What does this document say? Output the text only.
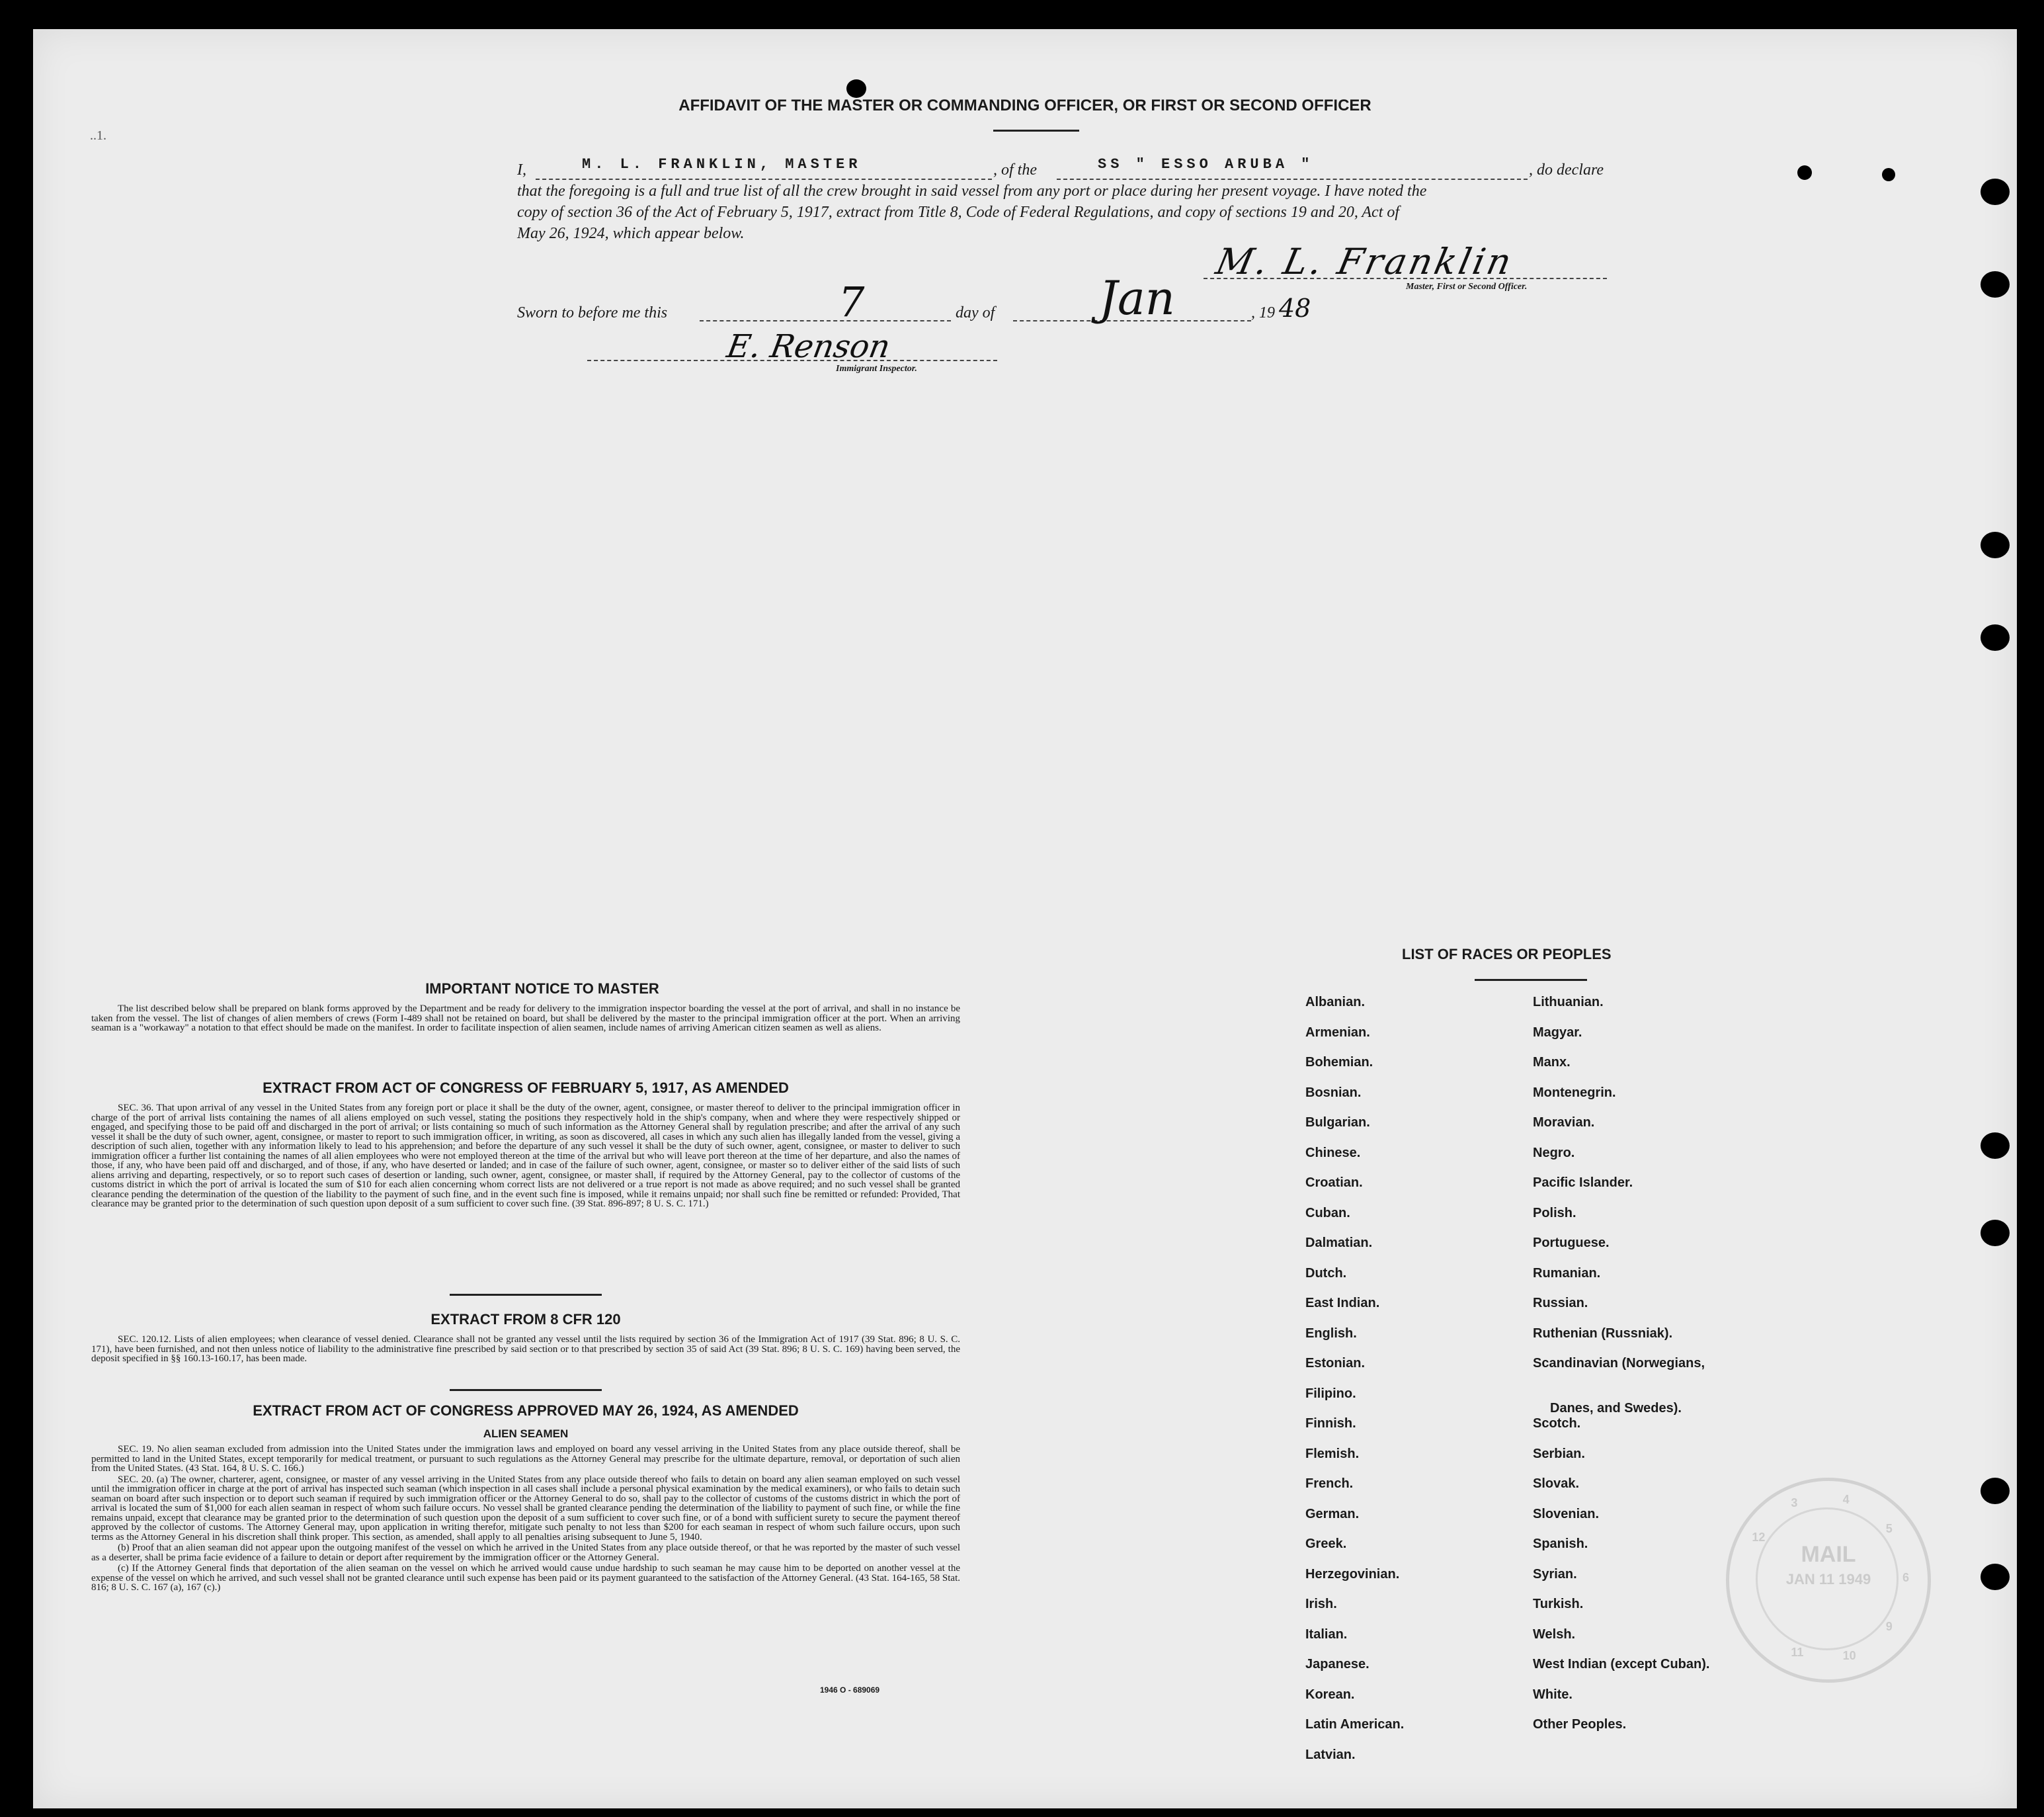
..1.
AFFIDAVIT OF THE MASTER OR COMMANDING OFFICER, OR FIRST OR SECOND OFFICER
I,	M. L. FRANKLIN, MASTER	, of the	SS " ESSO ARUBA "	, do declare
that the foregoing is a full and true list of all the crew brought in said vessel from any port or place during her present voyage. I have noted the
copy of section 36 of the Act of February 5, 1917, extract from Title 8, Code of Federal Regulations, and copy of sections 19 and 20, Act of
May 26, 1924, which appear below.
M. L. Franklin
Master, First or Second Officer.
Sworn to before me this	7	day of Jan	, 19 48
E. Renson
Immigrant Inspector.
IMPORTANT NOTICE TO MASTER

The list described below shall be prepared on blank forms approved by the Department and be ready for delivery to the immigration inspector boarding the vessel at the port of arrival, and shall in no instance be taken from the vessel. The list of changes of alien members of crews (Form I-489 shall not be retained on board, but shall be delivered by the master to the principal immigration officer at the port. When an arriving seaman is a "workaway" a notation to that effect should be made on the manifest. In order to facilitate inspection of alien seamen, include names of arriving American citizen seamen as well as aliens.

EXTRACT FROM ACT OF CONGRESS OF FEBRUARY 5, 1917, AS AMENDED

SEC. 36. That upon arrival of any vessel in the United States from any foreign port or place it shall be the duty of the owner, agent, consignee, or master thereof to deliver to the principal immigration officer in charge of the port of arrival lists containing the names of all aliens employed on such vessel, stating the positions they respectively hold in the ship's company, when and where they were respectively shipped or engaged, and specifying those to be paid off and discharged in the port of arrival; or lists containing so much of such information as the Attorney General shall by regulation prescribe; and after the arrival of any such vessel it shall be the duty of such owner, agent, consignee, or master to report to such immigration officer, in writing, as soon as discovered, all cases in which any such alien has illegally landed from the vessel, giving a description of such alien, together with any information likely to lead to his apprehension; and before the departure of any such vessel it shall be the duty of such owner, agent, consignee, or master to deliver to such immigration officer a further list containing the names of all alien employees who were not employed thereon at the time of the arrival but who will leave port thereon at the time of her departure, and also the names of those, if any, who have been paid off and discharged, and of those, if any, who have deserted or landed; and in case of the failure of such owner, agent, consignee, or master so to deliver either of the said lists of such aliens arriving and departing, respectively, or so to report such cases of desertion or landing, such owner, agent, consignee, or master shall, if required by the Attorney General, pay to the collector of customs of the customs district in which the port of arrival is located the sum of $10 for each alien concerning whom correct lists are not delivered or a true report is not made as above required; and no such vessel shall be granted clearance pending the determination of the question of the liability to the payment of such fine, and in the event such fine is imposed, while it remains unpaid; nor shall such fine be remitted or refunded: Provided, That clearance may be granted prior to the determination of such question upon deposit of a sum sufficient to cover such fine. (39 Stat. 896-897; 8 U. S. C. 171.)

EXTRACT FROM 8 CFR 120

SEC. 120.12. Lists of alien employees; when clearance of vessel denied. Clearance shall not be granted any vessel until the lists required by section 36 of the Immigration Act of 1917 (39 Stat. 896; 8 U. S. C. 171), have been furnished, and not then unless notice of liability to the administrative fine prescribed by said section or to that prescribed by section 35 of said Act (39 Stat. 896; 8 U. S. C. 169) having been served, the deposit specified in §§ 160.13-160.17, has been made.

EXTRACT FROM ACT OF CONGRESS APPROVED MAY 26, 1924, AS AMENDED
ALIEN SEAMEN

SEC. 19. No alien seaman excluded from admission into the United States under the immigration laws and employed on board any vessel arriving in the United States from any place outside thereof, shall be permitted to land in the United States, except temporarily for medical treatment, or pursuant to such regulations as the Attorney General may prescribe for the ultimate departure, removal, or deportation of such alien from the United States. (43 Stat. 164, 8 U. S. C. 166.)

SEC. 20. (a) The owner, charterer, agent, consignee, or master of any vessel arriving in the United States from any place outside thereof who fails to detain on board any alien seaman employed on such vessel until the immigration officer in charge at the port of arrival has inspected such seaman (which inspection in all cases shall include a personal physical examination by the medical examiners), or who fails to detain such seaman on board after such inspection or to deport such seaman if required by such immigration officer or the Attorney General to do so, shall pay to the collector of customs of the customs district in which the port of arrival is located the sum of $1,000 for each alien seaman in respect of whom such failure occurs. No vessel shall be granted clearance pending the determination of the liability to payment of such fine, or while the fine remains unpaid, except that clearance may be granted prior to the determination of such question upon the deposit of a sum sufficient to cover such fine, or of a bond with sufficient surety to secure the payment thereof approved by the collector of customs. The Attorney General may, upon application in writing therefor, mitigate such penalty to not less than $200 for each seaman in respect of whom such failure occurs, upon such terms as the Attorney General in his discretion shall think proper. This section, as amended, shall apply to all penalties arising subsequent to June 5, 1940.

(b) Proof that an alien seaman did not appear upon the outgoing manifest of the vessel on which he arrived in the United States from any place outside thereof, or that he was reported by the master of such vessel as a deserter, shall be prima facie evidence of a failure to detain or deport after requirement by the immigration officer or the Attorney General.

(c) If the Attorney General finds that deportation of the alien seaman on the vessel on which he arrived would cause undue hardship to such seaman he may cause him to be deported on another vessel at the expense of the vessel on which he arrived, and such vessel shall not be granted clearance until such expense has been paid or its payment guaranteed to the satisfaction of the Attorney General. (43 Stat. 164-165, 58 Stat. 816; 8 U. S. C. 167 (a), 167 (c).)

1946 O - 689069
LIST OF RACES OR PEOPLES
Albanian.
Armenian.
Bohemian.
Bosnian.
Bulgarian.
Chinese.
Croatian.
Cuban.
Dalmatian.
Dutch.
East Indian.
English.
Estonian.
Filipino.
Finnish.
Flemish.
French.
German.
Greek.
Herzegovinian.
Irish.
Italian.
Japanese.
Korean.
Latin American.
Latvian.
Lithuanian.
Magyar.
Manx.
Montenegrin.
Moravian.
Negro.
Pacific Islander.
Polish.
Portuguese.
Rumanian.
Russian.
Ruthenian (Russniak).
Scandinavian (Norwegians,
Danes, and Swedes).
Scotch.
Serbian.
Slovak.
Slovenian.
Spanish.
Syrian.
Turkish.
Welsh.
West Indian (except Cuban).
White.
Other Peoples.
MAIL
JAN 11 1949
12
3	4
5
6
9
10
11
